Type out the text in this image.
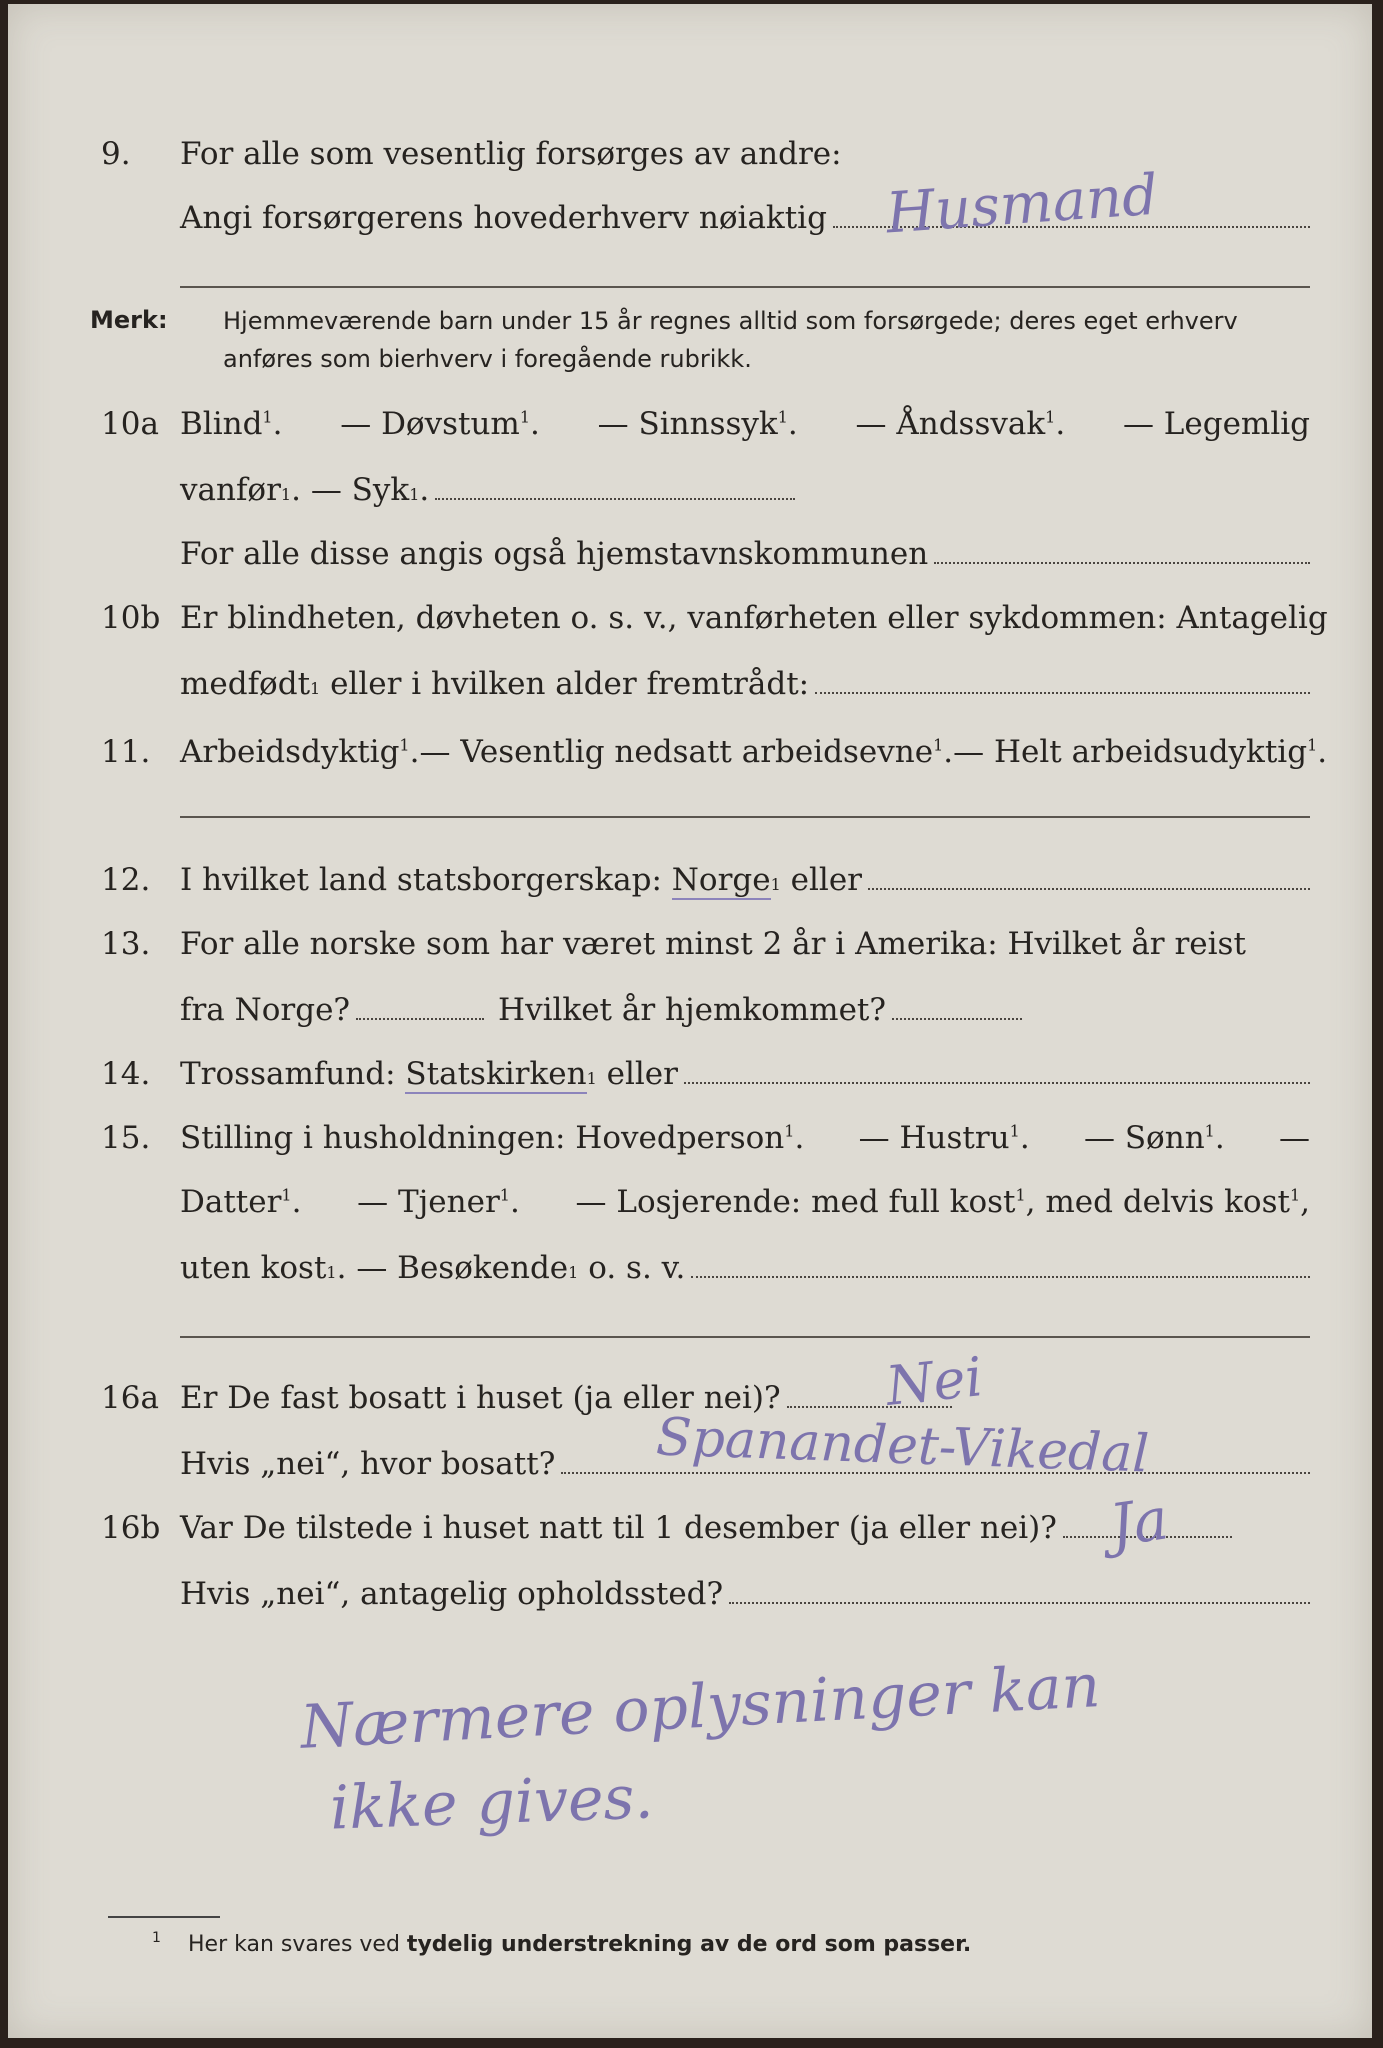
9. For alle som vesentlig forsørges av andre:
Angi forsørgerens hovederhverv nøiaktig Husmand
Merk: Hjemmeværende barn under 15 år regnes alltid som forsørgede; deres eget erhverv
anføres som bierhverv i foregående rubrikk.
10a Blind$^1$. — Døvstum$^1$. — Sinnssyk$^1$. — Åndssvak$^1$. — Legemlig
vanfør 1 . — Syk 1 .
For alle disse angis også hjemstavnskommunen
10b Er blindheten, døvheten o. s. v., vanførheten eller sykdommen: Antagelig
medfødt 1
eller i hvilken alder fremtrådt:
11. Arbeidsdyktig$^1$. — Vesentlig nedsatt arbeidsevne$^1$. — Helt arbeidsudyktig$^1$.
12. I hvilket land statsborgerskap:
Norge 1
eller
13. For alle norske som har været minst 2 år i Amerika: Hvilket år reist
fra Norge?	Hvilket år hjemkommet?
14. Trossamfund:
Statskirken 1
eller
15. Stilling i husholdningen: Hovedperson$^1$. — Hustru$^1$. — Sønn$^1$. —
Datter$^1$. — Tjener$^1$. — Losjerende: med full kost$^1$, med delvis kost$^1$,
uten kost 1 . — Besøkende 1
o. s. v.
16a Er De fast bosatt i huset (ja eller nei)? Nei
Hvis „nei“, hvor bosatt? Spanandet-Vikedal
16b Var De tilstede i huset natt til 1 desember (ja eller nei)? Ja
Hvis „nei“, antagelig opholdssted?
Nærmere oplysninger kan
ikke gives.
1 Her kan svares ved tydelig understrekning av de ord som passer.
